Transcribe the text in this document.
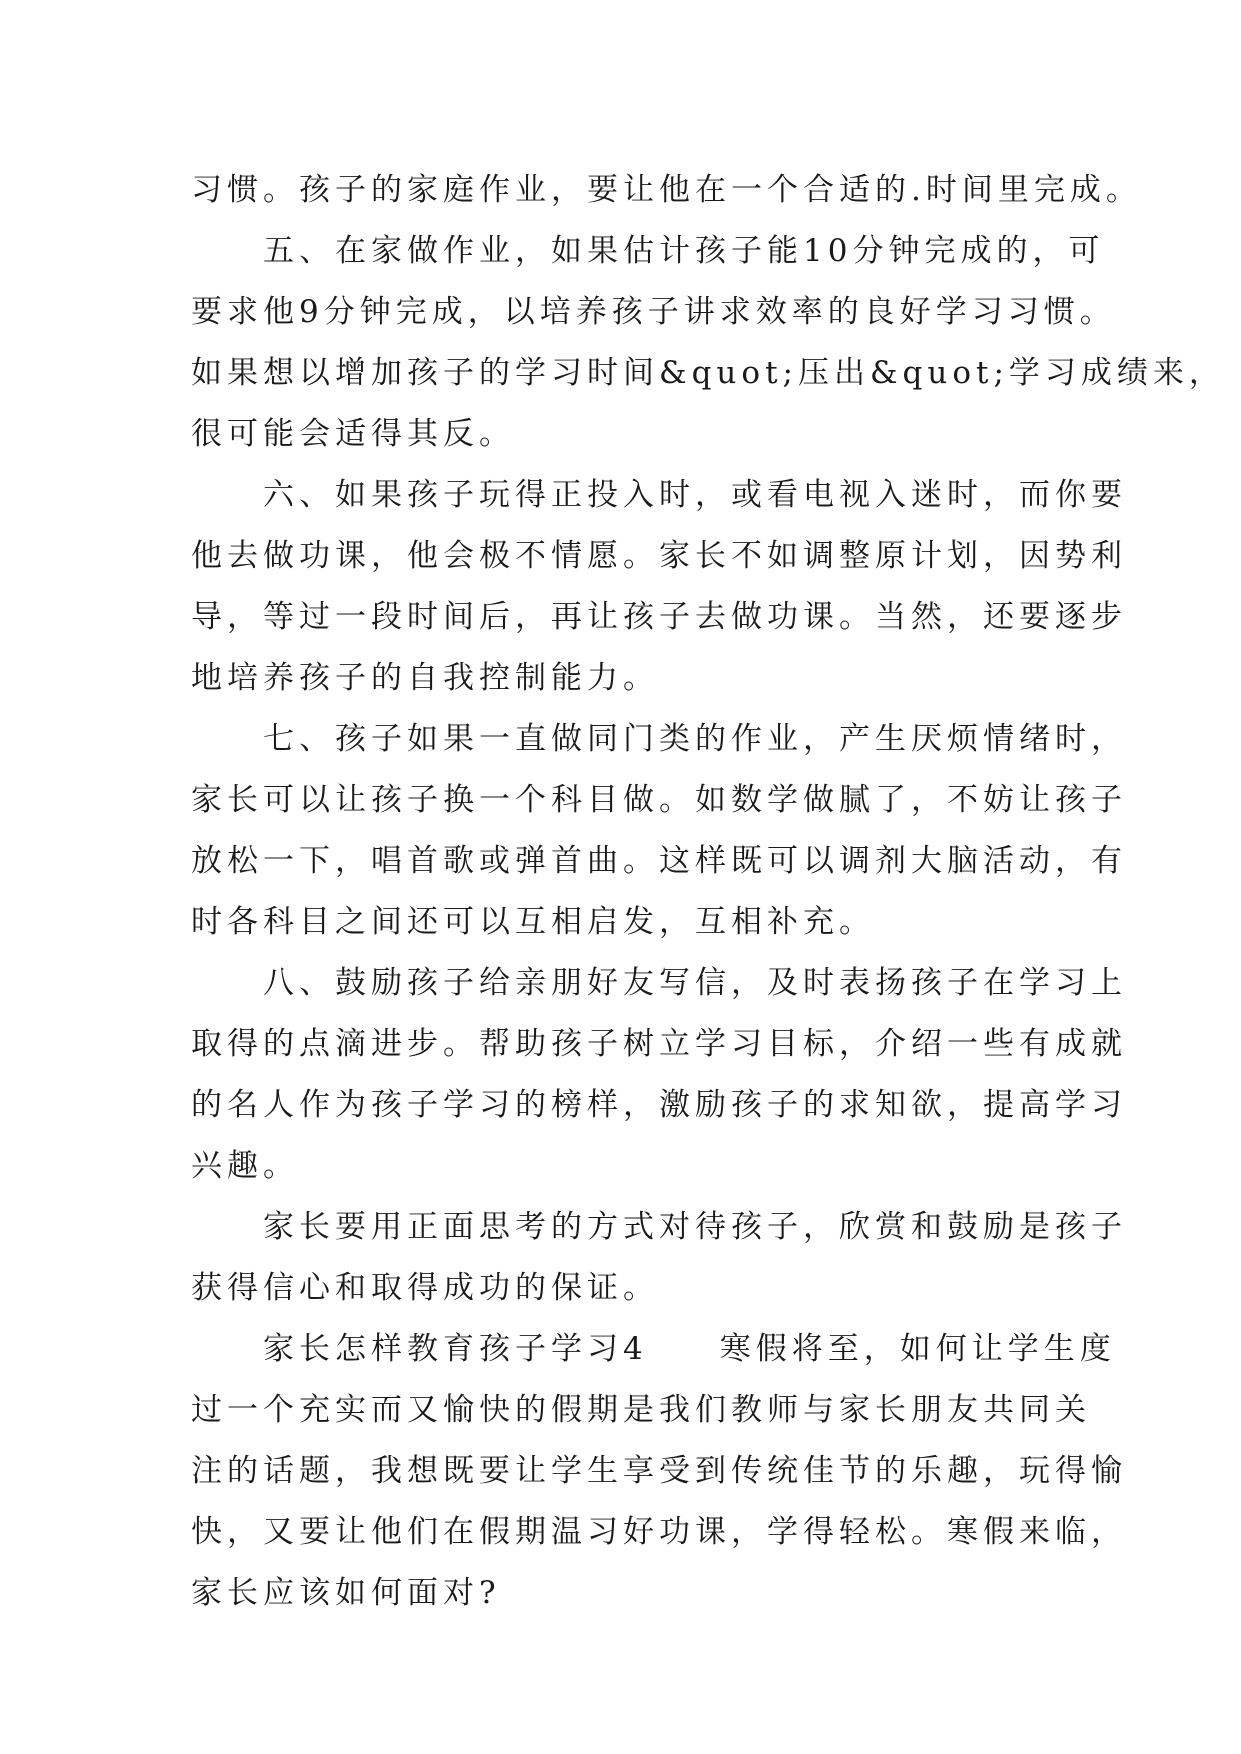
习惯。孩子的家庭作业，要让他在一个合适的.时间里完成。
　　五、在家做作业，如果估计孩子能10分钟完成的，可
要求他9分钟完成，以培养孩子讲求效率的良好学习习惯。
如果想以增加孩子的学习时间&quot;压出&quot;学习成绩来，
很可能会适得其反。
　　六、如果孩子玩得正投入时，或看电视入迷时，而你要
他去做功课，他会极不情愿。家长不如调整原计划，因势利
导，等过一段时间后，再让孩子去做功课。当然，还要逐步
地培养孩子的自我控制能力。
　　七、孩子如果一直做同门类的作业，产生厌烦情绪时，
家长可以让孩子换一个科目做。如数学做腻了，不妨让孩子
放松一下，唱首歌或弹首曲。这样既可以调剂大脑活动，有
时各科目之间还可以互相启发，互相补充。
　　八、鼓励孩子给亲朋好友写信，及时表扬孩子在学习上
取得的点滴进步。帮助孩子树立学习目标，介绍一些有成就
的名人作为孩子学习的榜样，激励孩子的求知欲，提高学习
兴趣。
　　家长要用正面思考的方式对待孩子，欣赏和鼓励是孩子
获得信心和取得成功的保证。
　　家长怎样教育孩子学习4　　寒假将至，如何让学生度
过一个充实而又愉快的假期是我们教师与家长朋友共同关
注的话题，我想既要让学生享受到传统佳节的乐趣，玩得愉
快，又要让他们在假期温习好功课，学得轻松。寒假来临，
家长应该如何面对?
